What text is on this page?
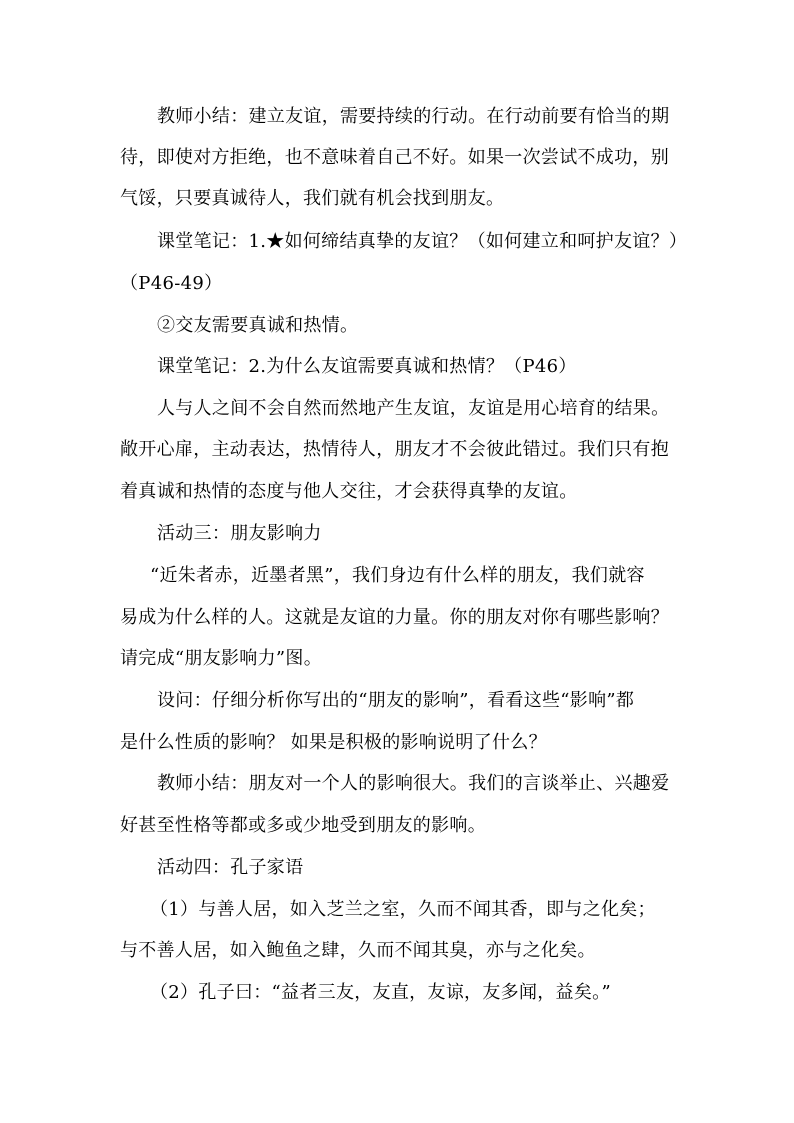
教师小结：建立友谊，需要持续的行动。在行动前要有恰当的期
待，即使对方拒绝，也不意味着自己不好。如果一次尝试不成功，别
气馁，只要真诚待人，我们就有机会找到朋友。
课堂笔记：1.★如何缔结真挚的友谊？（如何建立和呵护友谊？）
（P46-49）
②交友需要真诚和热情。
课堂笔记：2.为什么友谊需要真诚和热情？（P46）
人与人之间不会自然而然地产生友谊，友谊是用心培育的结果。
敞开心扉，主动表达，热情待人，朋友才不会彼此错过。我们只有抱
着真诚和热情的态度与他人交往，才会获得真挚的友谊。
活动三：朋友影响力
“近朱者赤，近墨者黑”，我们身边有什么样的朋友，我们就容
易成为什么样的人。这就是友谊的力量。你的朋友对你有哪些影响？
请完成“朋友影响力”图。
设问：仔细分析你写出的“朋友的影响”，看看这些“影响”都
是什么性质的影响？ 如果是积极的影响说明了什么？
教师小结：朋友对一个人的影响很大。我们的言谈举止、兴趣爱
好甚至性格等都或多或少地受到朋友的影响。
活动四：孔子家语
（1）与善人居，如入芝兰之室，久而不闻其香，即与之化矣；
与不善人居，如入鲍鱼之肆，久而不闻其臭，亦与之化矣。
（2）孔子曰：“益者三友，友直，友谅，友多闻，益矣。”
